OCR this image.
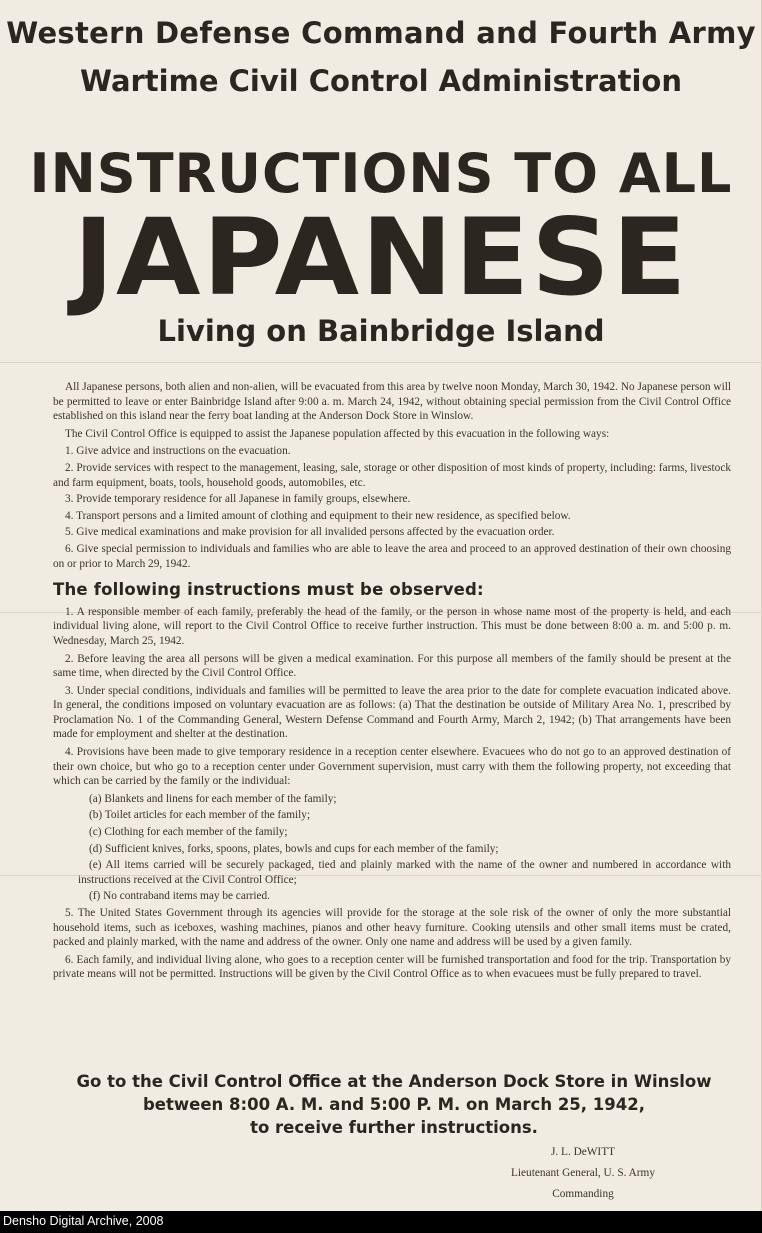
Western Defense Command and Fourth Army
Wartime Civil Control Administration
INSTRUCTIONS TO ALL
JAPANESE
Living on Bainbridge Island

All Japanese persons, both alien and non-alien, will be evacuated from this area by twelve noon Monday, March 30, 1942. No Japanese person will be permitted to leave or enter Bainbridge Island after 9:00 a. m. March 24, 1942, without obtaining special permission from the Civil Control Office established on this island near the ferry boat landing at the Anderson Dock Store in Winslow.

The Civil Control Office is equipped to assist the Japanese population affected by this evacuation in the following ways:

1. Give advice and instructions on the evacuation.

2. Provide services with respect to the management, leasing, sale, storage or other disposition of most kinds of property, including: farms, livestock and farm equipment, boats, tools, household goods, automobiles, etc.

3. Provide temporary residence for all Japanese in family groups, elsewhere.

4. Transport persons and a limited amount of clothing and equipment to their new residence, as specified below.

5. Give medical examinations and make provision for all invalided persons affected by the evacuation order.

6. Give special permission to individuals and families who are able to leave the area and proceed to an approved destination of their own choosing on or prior to March 29, 1942.

The following instructions must be observed:

1. A responsible member of each family, preferably the head of the family, or the person in whose name most of the property is held, and each individual living alone, will report to the Civil Control Office to receive further instruction. This must be done between 8:00 a. m. and 5:00 p. m. Wednesday, March 25, 1942.

2. Before leaving the area all persons will be given a medical examination. For this purpose all members of the family should be present at the same time, when directed by the Civil Control Office.

3. Under special conditions, individuals and families will be permitted to leave the area prior to the date for complete evacuation indicated above. In general, the conditions imposed on voluntary evacuation are as follows: (a) That the destination be outside of Military Area No. 1, prescribed by Proclamation No. 1 of the Commanding General, Western Defense Command and Fourth Army, March 2, 1942; (b) That arrangements have been made for employment and shelter at the destination.

4. Provisions have been made to give temporary residence in a reception center elsewhere. Evacuees who do not go to an approved destination of their own choice, but who go to a reception center under Government supervision, must carry with them the following property, not exceeding that which can be carried by the family or the individual:

(a) Blankets and linens for each member of the family;

(b) Toilet articles for each member of the family;

(c) Clothing for each member of the family;

(d) Sufficient knives, forks, spoons, plates, bowls and cups for each member of the family;

(e) All items carried will be securely packaged, tied and plainly marked with the name of the owner and numbered in accordance with instructions received at the Civil Control Office;

(f) No contraband items may be carried.

5. The United States Government through its agencies will provide for the storage at the sole risk of the owner of only the more substantial household items, such as iceboxes, washing machines, pianos and other heavy furniture. Cooking utensils and other small items must be crated, packed and plainly marked, with the name and address of the owner. Only one name and address will be used by a given family.

6. Each family, and individual living alone, who goes to a reception center will be furnished transportation and food for the trip. Transportation by private means will not be permitted. Instructions will be given by the Civil Control Office as to when evacuees must be fully prepared to travel.

Go to the Civil Control Office at the Anderson Dock Store in Winslow
between 8:00 A. M. and 5:00 P. M. on March 25, 1942,
to receive further instructions.
J. L. DeWITT
Lieutenant General, U. S. Army
Commanding
Densho Digital Archive, 2008
